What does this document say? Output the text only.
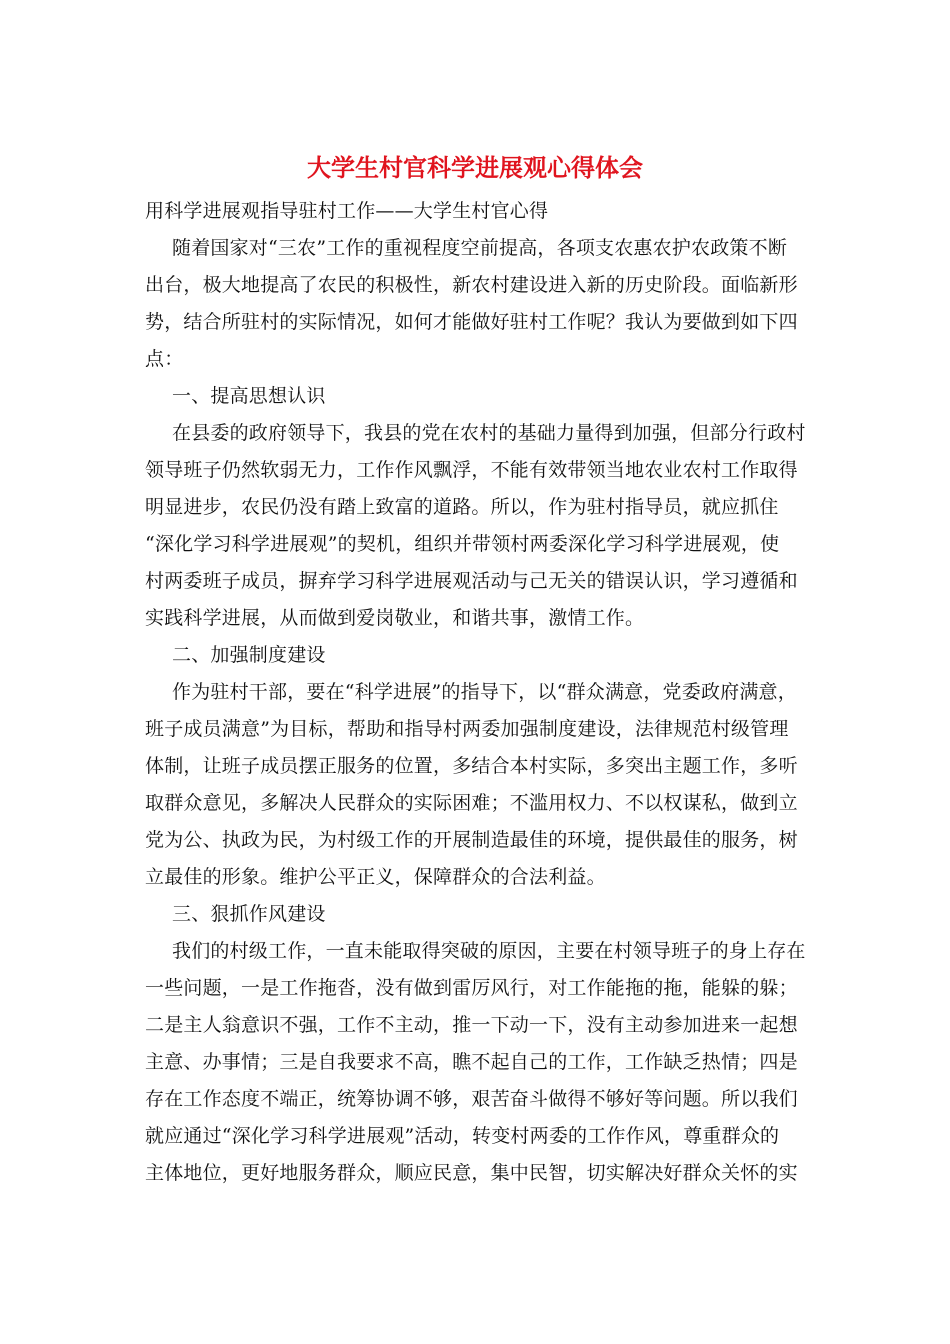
大学生村官科学进展观心得体会
用科学进展观指导驻村工作——大学生村官心得
随着国家对“三农”工作的重视程度空前提高，各项支农惠农护农政策不断
出台，极大地提高了农民的积极性，新农村建设进入新的历史阶段。面临新形
势，结合所驻村的实际情况，如何才能做好驻村工作呢？我认为要做到如下四
点：
一、提高思想认识
在县委的政府领导下，我县的党在农村的基础力量得到加强，但部分行政村
领导班子仍然软弱无力，工作作风飘浮，不能有效带领当地农业农村工作取得
明显进步，农民仍没有踏上致富的道路。所以，作为驻村指导员，就应抓住
“深化学习科学进展观”的契机，组织并带领村两委深化学习科学进展观，使
村两委班子成员，摒弃学习科学进展观活动与己无关的错误认识，学习遵循和
实践科学进展，从而做到爱岗敬业，和谐共事，激情工作。
二、加强制度建设
作为驻村干部，要在“科学进展”的指导下，以“群众满意，党委政府满意，
班子成员满意”为目标，帮助和指导村两委加强制度建设，法律规范村级管理
体制，让班子成员摆正服务的位置，多结合本村实际，多突出主题工作，多听
取群众意见，多解决人民群众的实际困难；不滥用权力、不以权谋私，做到立
党为公、执政为民，为村级工作的开展制造最佳的环境，提供最佳的服务，树
立最佳的形象。维护公平正义，保障群众的合法利益。
三、狠抓作风建设
我们的村级工作，一直未能取得突破的原因，主要在村领导班子的身上存在
一些问题，一是工作拖沓，没有做到雷厉风行，对工作能拖的拖，能躲的躲；
二是主人翁意识不强，工作不主动，推一下动一下，没有主动参加进来一起想
主意、办事情；三是自我要求不高，瞧不起自己的工作，工作缺乏热情；四是
存在工作态度不端正，统筹协调不够，艰苦奋斗做得不够好等问题。所以我们
就应通过“深化学习科学进展观”活动，转变村两委的工作作风，尊重群众的
主体地位，更好地服务群众，顺应民意，集中民智，切实解决好群众关怀的实
